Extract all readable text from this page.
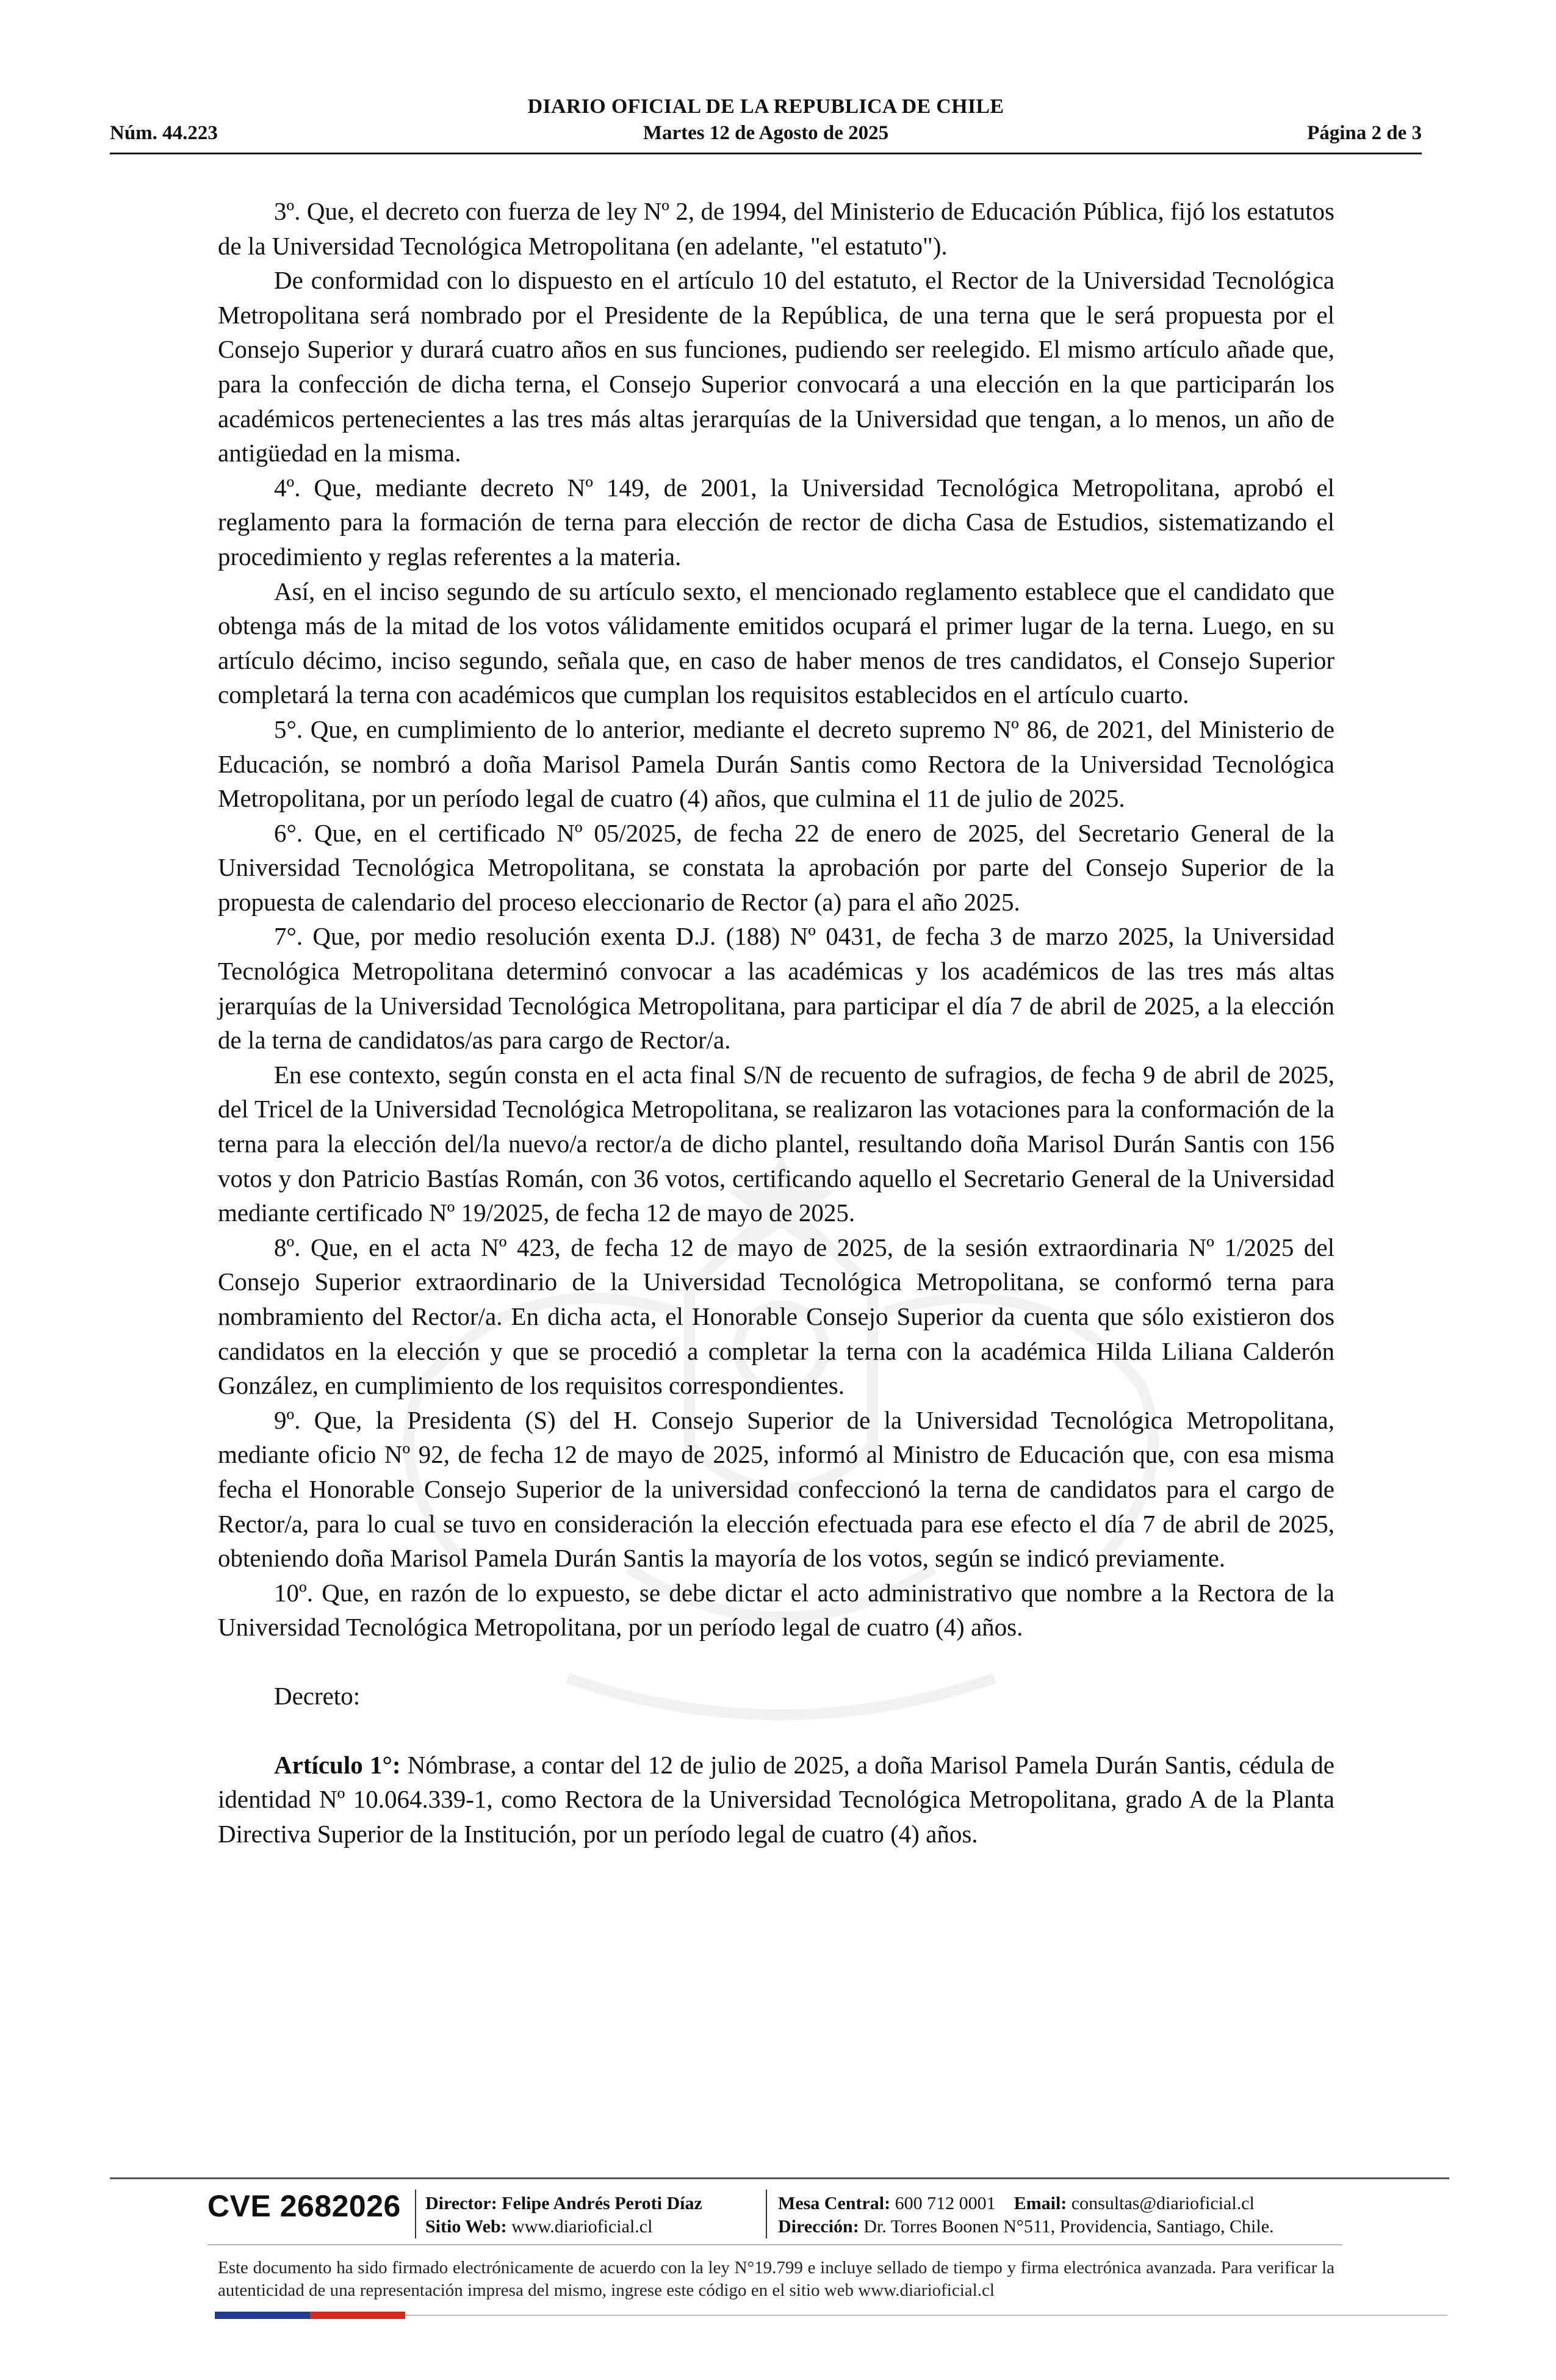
DIARIO OFICIAL DE LA REPUBLICA DE CHILE
Núm. 44.223	Martes 12 de Agosto de 2025	Página 2 de 3

3º. Que, el decreto con fuerza de ley Nº 2, de 1994, del Ministerio de Educación Pública, fijó los estatutos de la Universidad Tecnológica Metropolitana (en adelante, "el estatuto").

De conformidad con lo dispuesto en el artículo 10 del estatuto, el Rector de la Universidad Tecnológica Metropolitana será nombrado por el Presidente de la República, de una terna que le será propuesta por el Consejo Superior y durará cuatro años en sus funciones, pudiendo ser reelegido. El mismo artículo añade que, para la confección de dicha terna, el Consejo Superior convocará a una elección en la que participarán los académicos pertenecientes a las tres más altas jerarquías de la Universidad que tengan, a lo menos, un año de antigüedad en la misma.

4º. Que, mediante decreto Nº 149, de 2001, la Universidad Tecnológica Metropolitana, aprobó el reglamento para la formación de terna para elección de rector de dicha Casa de Estudios, sistematizando el procedimiento y reglas referentes a la materia.

Así, en el inciso segundo de su artículo sexto, el mencionado reglamento establece que el candidato que obtenga más de la mitad de los votos válidamente emitidos ocupará el primer lugar de la terna. Luego, en su artículo décimo, inciso segundo, señala que, en caso de haber menos de tres candidatos, el Consejo Superior completará la terna con académicos que cumplan los requisitos establecidos en el artículo cuarto.

5°. Que, en cumplimiento de lo anterior, mediante el decreto supremo Nº 86, de 2021, del Ministerio de Educación, se nombró a doña Marisol Pamela Durán Santis como Rectora de la Universidad Tecnológica Metropolitana, por un período legal de cuatro (4) años, que culmina el 11 de julio de 2025.

6°. Que, en el certificado Nº 05/2025, de fecha 22 de enero de 2025, del Secretario General de la Universidad Tecnológica Metropolitana, se constata la aprobación por parte del Consejo Superior de la propuesta de calendario del proceso eleccionario de Rector (a) para el año 2025.

7°. Que, por medio resolución exenta D.J. (188) Nº 0431, de fecha 3 de marzo 2025, la Universidad Tecnológica Metropolitana determinó convocar a las académicas y los académicos de las tres más altas jerarquías de la Universidad Tecnológica Metropolitana, para participar el día 7 de abril de 2025, a la elección de la terna de candidatos/as para cargo de Rector/a.

En ese contexto, según consta en el acta final S/N de recuento de sufragios, de fecha 9 de abril de 2025, del Tricel de la Universidad Tecnológica Metropolitana, se realizaron las votaciones para la conformación de la terna para la elección del/la nuevo/a rector/a de dicho plantel, resultando doña Marisol Durán Santis con 156 votos y don Patricio Bastías Román, con 36 votos, certificando aquello el Secretario General de la Universidad mediante certificado Nº 19/2025, de fecha 12 de mayo de 2025.

8º. Que, en el acta Nº 423, de fecha 12 de mayo de 2025, de la sesión extraordinaria Nº 1/2025 del Consejo Superior extraordinario de la Universidad Tecnológica Metropolitana, se conformó terna para nombramiento del Rector/a. En dicha acta, el Honorable Consejo Superior da cuenta que sólo existieron dos candidatos en la elección y que se procedió a completar la terna con la académica Hilda Liliana Calderón González, en cumplimiento de los requisitos correspondientes.

9º. Que, la Presidenta (S) del H. Consejo Superior de la Universidad Tecnológica Metropolitana, mediante oficio Nº 92, de fecha 12 de mayo de 2025, informó al Ministro de Educación que, con esa misma fecha el Honorable Consejo Superior de la universidad confeccionó la terna de candidatos para el cargo de Rector/a, para lo cual se tuvo en consideración la elección efectuada para ese efecto el día 7 de abril de 2025, obteniendo doña Marisol Pamela Durán Santis la mayoría de los votos, según se indicó previamente.

10º. Que, en razón de lo expuesto, se debe dictar el acto administrativo que nombre a la Rectora de la Universidad Tecnológica Metropolitana, por un período legal de cuatro (4) años.

Decreto:

Artículo 1°: Nómbrase, a contar del 12 de julio de 2025, a doña Marisol Pamela Durán Santis, cédula de identidad Nº 10.064.339-1, como Rectora de la Universidad Tecnológica Metropolitana, grado A de la Planta Directiva Superior de la Institución, por un período legal de cuatro (4) años.

CVE 2682026 Director: Felipe Andrés Peroti Díaz
Sitio Web: www.diarioficial.cl
Mesa Central: 600 712 0001 Email: consultas@diarioficial.cl
Dirección: Dr. Torres Boonen N°511, Providencia, Santiago, Chile.
Este documento ha sido firmado electrónicamente de acuerdo con la ley N°19.799 e incluye sellado de tiempo y firma electrónica avanzada. Para verificar la autenticidad de una representación impresa del mismo, ingrese este código en el sitio web www.diarioficial.cl
